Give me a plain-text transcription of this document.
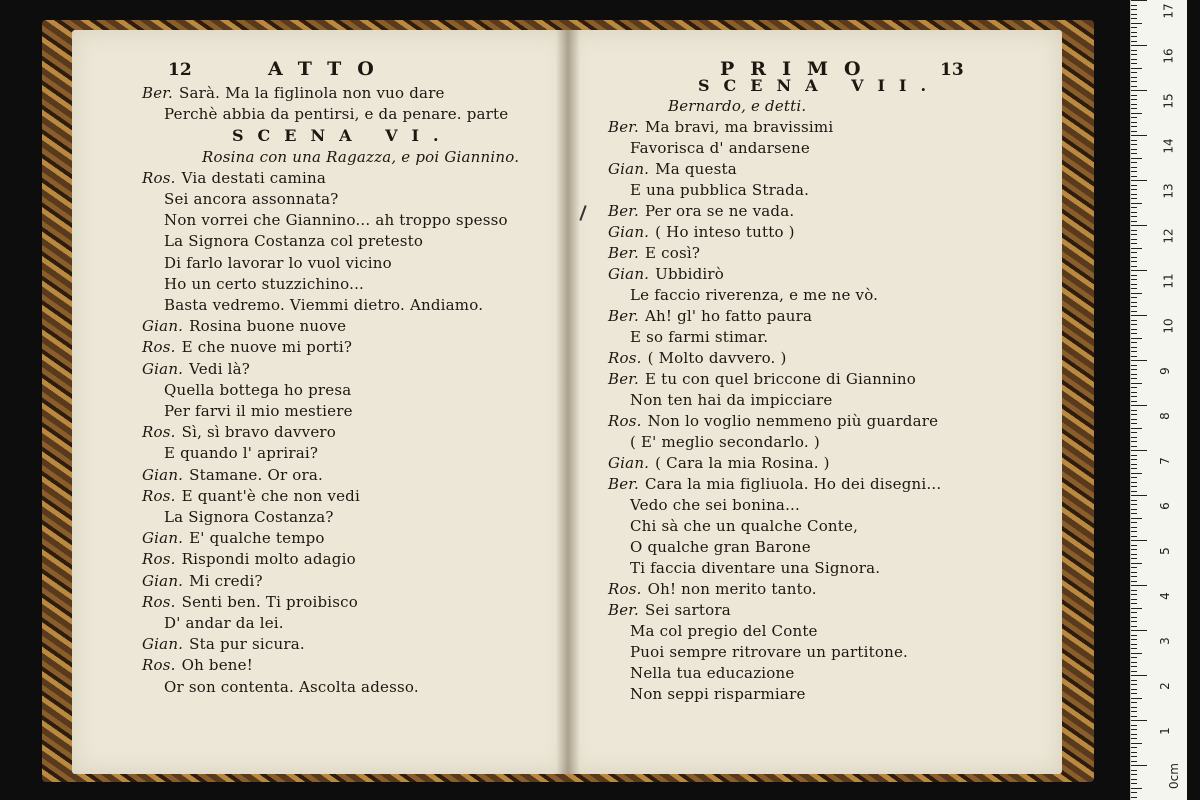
12	ATTO
Ber. Sarà. Ma la figlinola non vuo dare
Perchè abbia da pentirsi, e da penare. parte
SCENA VI.
Rosina con una Ragazza, e poi Giannino.
Ros. Via destati camina
Sei ancora assonnata?
Non vorrei che Giannino... ah troppo spesso
La Signora Costanza col pretesto
Di farlo lavorar lo vuol vicino
Ho un certo stuzzichino...
Basta vedremo. Viemmi dietro. Andiamo.
Gian. Rosina buone nuove
Ros. E che nuove mi porti?
Gian. Vedi là?
Quella bottega ho presa
Per farvi il mio mestiere
Ros. Sì, sì bravo davvero
E quando l' aprirai?
Gian. Stamane. Or ora.
Ros. E quant'è che non vedi
La Signora Costanza?
Gian. E' qualche tempo
Ros. Rispondi molto adagio
Gian. Mi credi?
Ros. Senti ben. Ti proibisco
D' andar da lei.
Gian. Sta pur sicura.
Ros. Oh bene!
Or son contenta. Ascolta adesso.
PRIMO	13
SCENA VII.
Bernardo, e detti.
Ber. Ma bravi, ma bravissimi
Favorisca d' andarsene
Gian. Ma questa
E una pubblica Strada.
Ber. Per ora se ne vada.
Gian. ( Ho inteso tutto )
Ber. E così?
Gian. Ubbidirò
Le faccio riverenza, e me ne vò.
Ber. Ah! gl' ho fatto paura
E so farmi stimar.
Ros. ( Molto davvero. )
Ber. E tu con quel briccone di Giannino
Non ten hai da impicciare
Ros. Non lo voglio nemmeno più guardare
( E' meglio secondarlo. )
Gian. ( Cara la mia Rosina. )
Ber. Cara la mia figliuola. Ho dei disegni...
Vedo che sei bonina...
Chi sà che un qualche Conte,
O qualche gran Barone
Ti faccia diventare una Signora.
Ros. Oh! non merito tanto.
Ber. Sei sartora
Ma col pregio del Conte
Puoi sempre ritrovare un partitone.
Nella tua educazione
Non seppi risparmiare
17
16
15
14
13
12
11
10
9
8
7
6
5
4
3
2
1
0cm
